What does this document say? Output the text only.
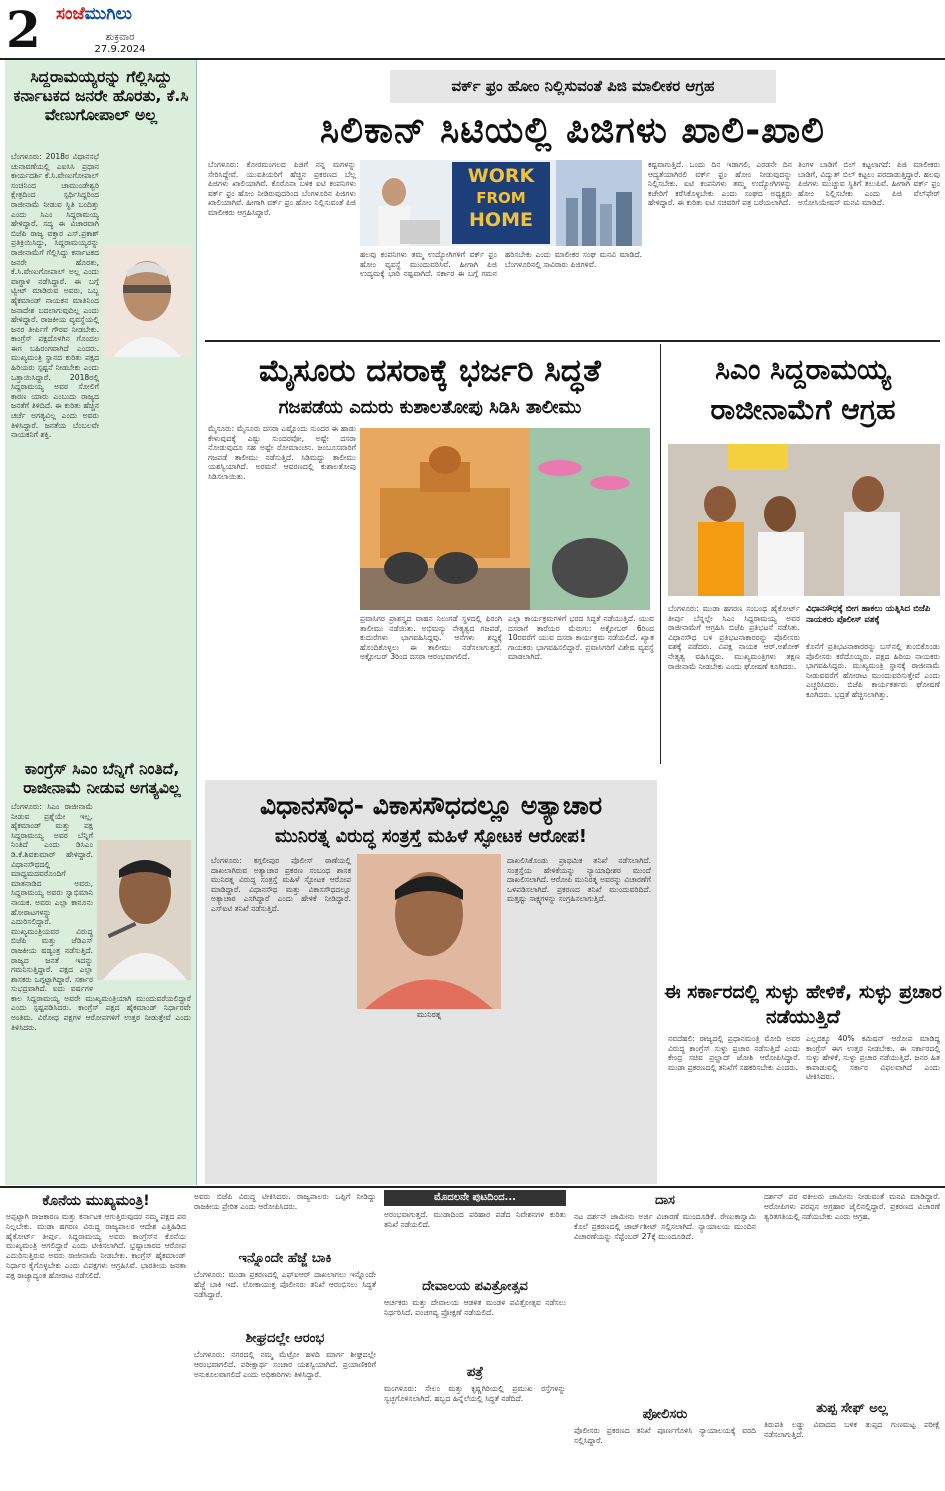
2 ಸಂಜೆಮುಗಿಲು
ಶುಕ್ರವಾರ
27.9.2024
ಸಿದ್ದರಾಮಯ್ಯರನ್ನು ಗೆಲ್ಲಿಸಿದ್ದು ಕರ್ನಾಟಕದ ಜನರೇ ಹೊರತು, ಕೆ.ಸಿ ವೇಣುಗೋಪಾಲ್ ಅಲ್ಲ
ಬೆಂಗಳೂರು: 2018ರ ವಿಧಾನಸಭೆ ಚುನಾವಣೆಯಲ್ಲಿ ಎಐಸಿಸಿ ಪ್ರಧಾನ ಕಾರ್ಯದರ್ಶಿ ಕೆ.ಸಿ.ವೇಣುಗೋಪಾಲ್ ಸಂಚಿನಿಂದ ಚಾಮುಂಡೇಶ್ವರಿ ಕ್ಷೇತ್ರದಿಂದ ಸ್ಪರ್ಧಿಸಿದ್ದರಿಂದ ರಾಜೀನಾಮೆ ನೀಡುವ ಸ್ಥಿತಿ ಬಂದಿತ್ತು ಎಂದು ಸಿಎಂ ಸಿದ್ದರಾಮಯ್ಯ ಹೇಳಿದ್ದಾರೆ. ಸದ್ಯ ಈ ವಿಚಾರವಾಗಿ ಬಿಜೆಪಿ ರಾಜ್ಯ ವಕ್ತಾರ ಎಸ್.ಪ್ರಕಾಶ್ ಪ್ರತಿಕ್ರಿಯಿಸಿದ್ದು, ಸಿದ್ದರಾಮಯ್ಯರನ್ನು ರಾಜೀನಾಮೆಗೆ ಗೆಲ್ಲಿಸಿದ್ದು ಕರ್ನಾಟಕದ ಜನರೇ ಹೊರತು, ಕೆ.ಸಿ.ವೇಣುಗೋಪಾಲ್ ಅಲ್ಲ ಎಂದು ವಾಗ್ದಾಳಿ ನಡೆಸಿದ್ದಾರೆ. ಈ ಬಗ್ಗೆ ಟ್ವೀಟ್ ಮಾಡಿರುವ ಅವರು, ಒಬ್ಬ ಹೈಕಮಾಂಡ್ ನಾಯಕನ ಮಾತಿನಿಂದ ಜನಾದೇಶ ಬದಲಾಗುವುದಿಲ್ಲ ಎಂದು ಹೇಳಿದ್ದಾರೆ. ರಾಜಕೀಯ ವ್ಯವಸ್ಥೆಯಲ್ಲಿ ಜನರ ತೀರ್ಪಿಗೆ ಗೌರವ ನೀಡಬೇಕು. ಕಾಂಗ್ರೆಸ್ ಪಕ್ಷದೊಳಗಿನ ಗೊಂದಲ ಈಗ ಬಹಿರಂಗವಾಗಿದೆ ಎಂದರು. ಮುಖ್ಯಮಂತ್ರಿ ಸ್ಥಾನದ ಕುರಿತು ಪಕ್ಷದ ಹಿರಿಯರು ಸ್ಪಷ್ಟನೆ ನೀಡಬೇಕು ಎಂದು ಒತ್ತಾಯಿಸಿದ್ದಾರೆ. 2018ರಲ್ಲಿ ಸಿದ್ದರಾಮಯ್ಯ ಅವರ ಸೋಲಿಗೆ ಕಾರಣ ಯಾರು ಎಂಬುದು ರಾಜ್ಯದ ಜನತೆಗೆ ತಿಳಿದಿದೆ. ಈ ಕುರಿತು ಹೆಚ್ಚಿನ ಚರ್ಚೆ ಅಗತ್ಯವಿಲ್ಲ ಎಂದು ಅವರು ತಿಳಿಸಿದ್ದಾರೆ. ಜನತೆಯ ಬೆಂಬಲವೇ ನಾಯಕನಿಗೆ ಶಕ್ತಿ.
ಕಾಂಗ್ರೆಸ್ ಸಿಎಂ ಬೆನ್ನಿಗೆ ನಿಂತಿದೆ, ರಾಜೀನಾಮೆ ನೀಡುವ ಅಗತ್ಯವಿಲ್ಲ
ಬೆಂಗಳೂರು: ಸಿಎಂ ರಾಜೀನಾಮೆ ನೀಡುವ ಪ್ರಶ್ನೆಯೇ ಇಲ್ಲ. ಹೈಕಮಾಂಡ್ ಮತ್ತು ಪಕ್ಷ ಸಿದ್ದರಾಮಯ್ಯ ಅವರ ಬೆನ್ನಿಗೆ ನಿಂತಿದೆ ಎಂದು ಡಿಸಿಎಂ ಡಿ.ಕೆ.ಶಿವಕುಮಾರ್ ಹೇಳಿದ್ದಾರೆ. ವಿಧಾನಸೌಧದಲ್ಲಿ ಮಾಧ್ಯಮದವರೊಂದಿಗೆ ಮಾತನಾಡಿದ ಅವರು, ಸಿದ್ದರಾಮಯ್ಯ ಅವರು ಸ್ವಾಭಿಮಾನಿ ನಾಯಕ. ಅವರು ಎಲ್ಲಾ ಕಾನೂನು ಹೋರಾಟಗಳನ್ನು ಎದುರಿಸಲಿದ್ದಾರೆ. ಮುಖ್ಯಮಂತ್ರಿಯವರ ವಿರುದ್ಧ ಬಿಜೆಪಿ ಮತ್ತು ಜೆಡಿಎಸ್ ರಾಜಕೀಯ ಷಡ್ಯಂತ್ರ ನಡೆಸುತ್ತಿದೆ. ರಾಜ್ಯದ ಜನತೆ ಇದನ್ನು ಗಮನಿಸುತ್ತಿದ್ದಾರೆ. ಪಕ್ಷದ ಎಲ್ಲಾ ಶಾಸಕರು ಒಗ್ಗಟ್ಟಾಗಿದ್ದಾರೆ. ಸರ್ಕಾರ ಸುಭದ್ರವಾಗಿದೆ. ಐದು ವರ್ಷಗಳ ಕಾಲ ಸಿದ್ದರಾಮಯ್ಯ ಅವರೇ ಮುಖ್ಯಮಂತ್ರಿಯಾಗಿ ಮುಂದುವರೆಯಲಿದ್ದಾರೆ ಎಂದು ಸ್ಪಷ್ಟಪಡಿಸಿದರು. ಕಾಂಗ್ರೆಸ್ ಪಕ್ಷದ ಹೈಕಮಾಂಡ್ ನಿರ್ಧಾರವೇ ಅಂತಿಮ. ವಿರೋಧ ಪಕ್ಷಗಳ ಆರೋಪಗಳಿಗೆ ಉತ್ತರ ನೀಡುತ್ತೇವೆ ಎಂದು ತಿಳಿಸಿದರು.
ವರ್ಕ್ ಫ್ರಂ ಹೋಂ ನಿಲ್ಲಿಸುವಂತೆ ಪಿಜಿ ಮಾಲೀಕರ ಆಗ್ರಹ
ಸಿಲಿಕಾನ್ ಸಿಟಿಯಲ್ಲಿ ಪಿಜಿಗಳು ಖಾಲಿ-ಖಾಲಿ
ಬೆಂಗಳೂರು: ಕೋರಮಂಗಲದ ಪಿಜಿಗೆ ನನ್ನ ಮಗಳನ್ನು ಸೇರಿಸಿದ್ದೇವೆ. ಯುವತಿಯರಿಗೆ ಹೆಚ್ಚಿನ ಪ್ರಕರಣದ ಬೆಲ್ಲ ಪಿಜಿಗಳು ಖಾಲಿಯಾಗಿವೆ. ಕೊರೊನಾ ಬಳಿಕ ಐಟಿ ಕಂಪನಿಗಳು ವರ್ಕ್ ಫ್ರಂ ಹೋಂ ನೀಡಿರುವುದರಿಂದ ಬೆಂಗಳೂರಿನ ಪಿಜಿಗಳು ಖಾಲಿಯಾಗಿವೆ. ಹೀಗಾಗಿ ವರ್ಕ್ ಫ್ರಂ ಹೋಂ ನಿಲ್ಲಿಸುವಂತೆ ಪಿಜಿ ಮಾಲೀಕರು ಆಗ್ರಹಿಸಿದ್ದಾರೆ.
WORK
FROM
HOME
ಹಲವು ಕಂಪನಿಗಳು ತಮ್ಮ ಉದ್ಯೋಗಿಗಳಿಗೆ ವರ್ಕ್ ಫ್ರಂ ಹೋಂ ವ್ಯವಸ್ಥೆ ಮುಂದುವರಿಸಿವೆ. ಹೀಗಾಗಿ ಪಿಜಿ ಉದ್ಯಮಕ್ಕೆ ಭಾರಿ ನಷ್ಟವಾಗಿದೆ. ಸರ್ಕಾರ ಈ ಬಗ್ಗೆ ಗಮನ ಹರಿಸಬೇಕು ಎಂದು ಮಾಲೀಕರ ಸಂಘ ಮನವಿ ಮಾಡಿದೆ. ಬೆಂಗಳೂರಿನಲ್ಲಿ ಸಾವಿರಾರು ಪಿಜಿಗಳಿವೆ.
ಕಷ್ಟವಾಗುತ್ತಿದೆ. ಒಂದು ದಿನ ಇಡಾಗಲಿ, ಎರಡನೇ ದಿನ ಆದ್ಯತೆಯಾಗಿರಲಿ ವರ್ಕ್ ಫ್ರಂ ಹೋಂ ನೀಡುವುದನ್ನು ನಿಲ್ಲಿಸಬೇಕು. ಐಟಿ ಕಂಪನಿಗಳು ತಮ್ಮ ಉದ್ಯೋಗಿಗಳನ್ನು ಕಚೇರಿಗೆ ಕರೆಸಿಕೊಳ್ಳಬೇಕು ಎಂದು ಸಂಘದ ಅಧ್ಯಕ್ಷರು ಹೇಳಿದ್ದಾರೆ. ಈ ಕುರಿತು ಐಟಿ ಸಚಿವರಿಗೆ ಪತ್ರ ಬರೆಯಲಾಗಿದೆ.
ತಿಂಗಳ ಬಾಡಿಗೆ ಬಿಲ್ ಕಟ್ಟಲಾಗದೆ: ಪಿಜಿ ಮಾಲೀಕರು ಬಾಡಿಗೆ, ವಿದ್ಯುತ್ ಬಿಲ್ ಕಟ್ಟಲು ಪರದಾಡುತ್ತಿದ್ದಾರೆ. ಹಲವು ಪಿಜಿಗಳು ಮುಚ್ಚುವ ಸ್ಥಿತಿಗೆ ತಲುಪಿವೆ. ಹೀಗಾಗಿ ವರ್ಕ್ ಫ್ರಂ ಹೋಂ ನಿಲ್ಲಿಸಬೇಕು ಎಂದು ಪಿಜಿ ವೆಲ್‌ಫೇರ್ ಅಸೋಸಿಯೇಷನ್ ಮನವಿ ಮಾಡಿದೆ.
ಮೈಸೂರು ದಸರಾಕ್ಕೆ ಭರ್ಜರಿ ಸಿದ್ಧತೆ
ಗಜಪಡೆಯ ಎದುರು ಕುಶಾಲತೋಪು ಸಿಡಿಸಿ ತಾಲೀಮು
ಮೈಸೂರು: ಮೈಸೂರು ದಸರಾ ಎಷ್ಟೊಂದು ಸುಂದರ ಈ ಹಾಡು ಕೇಳುವುದಕ್ಕೆ ಎಷ್ಟು ಸುಂದರವೋ, ಅಷ್ಟೇ ದಸರಾ ನೋಡುವುದೂ ಸಹ ಅಷ್ಟೇ ರೋಮಾಂಚನ. ಜಂಬೂಸವಾರಿಗೆ ಗಜಪಡೆ ತಾಲೀಮು ನಡೆಸುತ್ತಿದೆ. ಸಿಡಿಮದ್ದು ತಾಲೀಮು ಯಶಸ್ವಿಯಾಗಿದೆ. ಅರಮನೆ ಆವರಣದಲ್ಲಿ ಕುಶಾಲತೋಪು ಸಿಡಿಸಲಾಯಿತು.
ಪ್ರವಾಸಿಗರ ಪ್ರಾಶಸ್ತ್ಯದ ವಾಹನ ನಿಲುಗಡೆ ಸ್ಥಳದಲ್ಲಿ ಫಿರಂಗಿ ತಾಲೀಮು ನಡೆಯಿತು. ಅಭಿಮನ್ಯು ನೇತೃತ್ವದ ಗಜಪಡೆ, ಕುದುರೆಗಳು ಭಾಗವಹಿಸಿದ್ದವು. ಆನೆಗಳು ಶಬ್ದಕ್ಕೆ ಹೊಂದಿಕೊಳ್ಳಲು ಈ ತಾಲೀಮು ನಡೆಸಲಾಗುತ್ತದೆ. ಅಕ್ಟೋಬರ್ 3ರಿಂದ ದಸರಾ ಆರಂಭವಾಗಲಿದೆ.
ಎಲ್ಲಾ ಕಾರ್ಯಕ್ರಮಗಳಿಗೆ ಭರದ ಸಿದ್ಧತೆ ನಡೆಯುತ್ತಿದೆ. ಯುವ ದಸರಾಗೆ ತಾರೆಯರ ಮೆರುಗು: ಅಕ್ಟೋಬರ್ 6ರಿಂದ 10ರವರೆಗೆ ಯುವ ದಸರಾ ಕಾರ್ಯಕ್ರಮ ನಡೆಯಲಿದೆ. ಖ್ಯಾತ ಗಾಯಕರು ಭಾಗವಹಿಸಲಿದ್ದಾರೆ. ಪ್ರವಾಸಿಗರಿಗೆ ವಿಶೇಷ ವ್ಯವಸ್ಥೆ ಮಾಡಲಾಗಿದೆ.
ಸಿಎಂ ಸಿದ್ದರಾಮಯ್ಯ ರಾಜೀನಾಮೆಗೆ ಆಗ್ರಹ
ಬೆಂಗಳೂರು: ಮುಡಾ ಹಗರಣ ಸಂಬಂಧ ಹೈಕೋರ್ಟ್ ತೀರ್ಪು ಬೆನ್ನಲ್ಲೇ ಸಿಎಂ ಸಿದ್ದರಾಮಯ್ಯ ಅವರ ರಾಜೀನಾಮೆಗೆ ಆಗ್ರಹಿಸಿ ಬಿಜೆಪಿ ಪ್ರತಿಭಟನೆ ನಡೆಸಿತು. ವಿಧಾನಸೌಧ ಬಳಿ ಪ್ರತಿಭಟನಾಕಾರರನ್ನು ಪೊಲೀಸರು ವಶಕ್ಕೆ ಪಡೆದರು. ವಿಪಕ್ಷ ನಾಯಕ ಆರ್.ಅಶೋಕ್ ನೇತೃತ್ವ ವಹಿಸಿದ್ದರು. ಮುಖ್ಯಮಂತ್ರಿಗಳು ತಕ್ಷಣ ರಾಜೀನಾಮೆ ನೀಡಬೇಕು ಎಂದು ಘೋಷಣೆ ಕೂಗಿದರು.
ವಿಧಾನಸೌಧಕ್ಕೆ ಬೀಗ ಹಾಕಲು ಯತ್ನಿಸಿದ ಬಿಜೆಪಿ ನಾಯಕರು ಪೊಲೀಸ್ ವಶಕ್ಕೆ
ಕೊನೆಗೆ ಪ್ರತಿಭಟನಾಕಾರರನ್ನು ಬಸ್‌ನಲ್ಲಿ ತುಂಬಿಕೊಂಡು ಪೊಲೀಸರು ಕರೆದೊಯ್ದರು. ಪಕ್ಷದ ಹಿರಿಯ ನಾಯಕರು ಭಾಗವಹಿಸಿದ್ದರು. ಮುಖ್ಯಮಂತ್ರಿ ಸ್ಥಾನಕ್ಕೆ ರಾಜೀನಾಮೆ ನೀಡುವವರೆಗೆ ಹೋರಾಟ ಮುಂದುವರಿಸುತ್ತೇವೆ ಎಂದು ಎಚ್ಚರಿಸಿದರು. ಬಿಜೆಪಿ ಕಾರ್ಯಕರ್ತರು ಘೋಷಣೆ ಕೂಗಿದರು. ಭದ್ರತೆ ಹೆಚ್ಚಿಸಲಾಗಿತ್ತು.
ವಿಧಾನಸೌಧ- ವಿಕಾಸಸೌಧದಲ್ಲೂ ಅತ್ಯಾಚಾರ
ಮುನಿರತ್ನ ವಿರುದ್ಧ ಸಂತ್ರಸ್ತೆ ಮಹಿಳೆ ಸ್ಫೋಟಕ ಆರೋಪ!
ಬೆಂಗಳೂರು: ಕಗ್ಗಲೀಪುರ ಪೊಲೀಸ್ ಠಾಣೆಯಲ್ಲಿ ದಾಖಲಾಗಿರುವ ಅತ್ಯಾಚಾರ ಪ್ರಕರಣ ಸಂಬಂಧ ಶಾಸಕ ಮುನಿರತ್ನ ವಿರುದ್ಧ ಸಂತ್ರಸ್ತೆ ಮಹಿಳೆ ಸ್ಫೋಟಕ ಆರೋಪ ಮಾಡಿದ್ದಾರೆ. ವಿಧಾನಸೌಧ ಮತ್ತು ವಿಕಾಸಸೌಧದಲ್ಲೂ ಅತ್ಯಾಚಾರ ಎಸಗಿದ್ದಾರೆ ಎಂದು ಹೇಳಿಕೆ ನೀಡಿದ್ದಾರೆ. ಎಸ್‌ಐಟಿ ತನಿಖೆ ನಡೆಸುತ್ತಿದೆ.
ಮುನಿರತ್ನ
ದಾಖಲಿಸಿಕೊಂಡು ಪ್ರಾಥಮಿಕ ತನಿಖೆ ನಡೆಸಲಾಗಿದೆ. ಸಂತ್ರಸ್ತೆಯ ಹೇಳಿಕೆಯನ್ನು ನ್ಯಾಯಾಧೀಶರ ಮುಂದೆ ದಾಖಲಿಸಲಾಗಿದೆ. ಆರೋಪಿ ಮುನಿರತ್ನ ಅವರನ್ನು ವಿಚಾರಣೆಗೆ ಒಳಪಡಿಸಲಾಗಿದೆ. ಪ್ರಕರಣದ ತನಿಖೆ ಮುಂದುವರಿದಿದೆ. ಮತ್ತಷ್ಟು ಸಾಕ್ಷ್ಯಗಳನ್ನು ಸಂಗ್ರಹಿಸಲಾಗುತ್ತಿದೆ.
ಈ ಸರ್ಕಾರದಲ್ಲಿ ಸುಳ್ಳು ಹೇಳಿಕೆ, ಸುಳ್ಳು ಪ್ರಚಾರ ನಡೆಯುತ್ತಿದೆ
ನವದೆಹಲಿ: ರಾಜ್ಯದಲ್ಲಿ ಪ್ರಧಾನಮಂತ್ರಿ ಮೋದಿ ಅವರ ವಿರುದ್ಧ ಕಾಂಗ್ರೆಸ್ ಸುಳ್ಳು ಪ್ರಚಾರ ನಡೆಸುತ್ತಿದೆ ಎಂದು ಕೇಂದ್ರ ಸಚಿವ ಪ್ರಲ್ಹಾದ್ ಜೋಶಿ ಆರೋಪಿಸಿದ್ದಾರೆ. ಮುಡಾ ಪ್ರಕರಣದಲ್ಲಿ ತನಿಖೆಗೆ ಸಹಕರಿಸಬೇಕು ಎಂದರು.
ಎಲ್ಲದಕ್ಕೂ 40% ಕಮಿಷನ್ ಆರೋಪ ಮಾಡಿದ್ದ ಕಾಂಗ್ರೆಸ್ ಈಗ ಉತ್ತರ ನೀಡಬೇಕು. ಈ ಸರ್ಕಾರದಲ್ಲಿ ಸುಳ್ಳು ಹೇಳಿಕೆ, ಸುಳ್ಳು ಪ್ರಚಾರ ನಡೆಯುತ್ತಿದೆ. ಜನರ ಹಿತ ಕಾಪಾಡುವಲ್ಲಿ ಸರ್ಕಾರ ವಿಫಲವಾಗಿದೆ ಎಂದು ಟೀಕಿಸಿದರು.
ಕೊನೆಯ ಮುಖ್ಯಮಂತ್ರಿ!
ಅಪ್ಪಟ್ಟಾಗಿ ರಾಜಕಾರಣ ಮತ್ತು ಕರ್ನಾಟಕ ಆಗುತ್ತಿರುವುದರ ನಮ್ಮ ಪಕ್ಷದ ಪರ ನಿಲ್ಲಬೇಕು. ಮುಡಾ ಹಗರಣ ವಿರುದ್ಧ ರಾಜ್ಯಪಾಲರ ಆದೇಶ ಎತ್ತಿಹಿಡಿದ ಹೈಕೋರ್ಟ್ ತೀರ್ಪು. ಸಿದ್ದರಾಮಯ್ಯ ಅವರು ಕಾಂಗ್ರೆಸ್‌ನ ಕೊನೆಯ ಮುಖ್ಯಮಂತ್ರಿ ಆಗಲಿದ್ದಾರೆ ಎಂದು ಟೀಕಿಸಲಾಗಿದೆ. ಭ್ರಷ್ಟಾಚಾರದ ಆರೋಪ ಎದುರಿಸುತ್ತಿರುವ ಅವರು ರಾಜೀನಾಮೆ ನೀಡಬೇಕು. ಕಾಂಗ್ರೆಸ್ ಹೈಕಮಾಂಡ್ ನಿರ್ಧಾರ ಕೈಗೊಳ್ಳಬೇಕು ಎಂದು ವಿಪಕ್ಷಗಳು ಆಗ್ರಹಿಸಿವೆ. ಭಾರತೀಯ ಜನತಾ ಪಕ್ಷ ರಾಜ್ಯಾದ್ಯಂತ ಹೋರಾಟ ನಡೆಸಲಿದೆ.
ಅವರು ಬಿಜೆಪಿ ವಿರುದ್ಧ ಟೀಕಿಸಿದರು. ರಾಜ್ಯಪಾಲರು ಒಪ್ಪಿಗೆ ನೀಡಿದ್ದು ರಾಜಕೀಯ ಪ್ರೇರಿತ ಎಂದು ಆರೋಪಿಸಿದರು.
ಇನ್ನೊಂದೇ ಹೆಜ್ಜೆ ಬಾಕಿ
ಬೆಂಗಳೂರು: ಮುಡಾ ಪ್ರಕರಣದಲ್ಲಿ ಎಫ್‌ಐಆರ್ ದಾಖಲಾಗಲು ಇನ್ನೊಂದೇ ಹೆಜ್ಜೆ ಬಾಕಿ ಇದೆ. ಲೋಕಾಯುಕ್ತ ಪೊಲೀಸರು ತನಿಖೆ ಆರಂಭಿಸಲು ಸಿದ್ಧತೆ ನಡೆಸಿದ್ದಾರೆ.
ಶೀಘ್ರದಲ್ಲೇ ಆರಂಭ
ಬೆಂಗಳೂರು: ನಗರದಲ್ಲಿ ನಮ್ಮ ಮೆಟ್ರೋ ಹಳದಿ ಮಾರ್ಗ ಶೀಘ್ರದಲ್ಲೇ ಆರಂಭವಾಗಲಿದೆ. ಪರೀಕ್ಷಾರ್ಥ ಸಂಚಾರ ಯಶಸ್ವಿಯಾಗಿದೆ. ಪ್ರಯಾಣಿಕರಿಗೆ ಅನುಕೂಲವಾಗಲಿದೆ ಎಂದು ಅಧಿಕಾರಿಗಳು ತಿಳಿಸಿದ್ದಾರೆ.
ಮೊದಲನೇ ಪುಟದಿಂದ...
ಅರಂಭವಾಗುತ್ತದೆ. ಮುಡಾದಿಂದ ಪರಿಹಾರ ಪಡೆದ ನಿವೇಶನಗಳ ಕುರಿತು ತನಿಖೆ ನಡೆಯಲಿದೆ.
ದೇವಾಲಯ ಪವಿತ್ರೋತ್ಸವ
ಆರ್ಚಕರು ಮತ್ತು ದೇವಾಲಯ ಆಡಳಿತ ಮಂಡಳಿ ಪವಿತ್ರೋತ್ಸವ ನಡೆಸಲು ನಿರ್ಧರಿಸಿದೆ. ಪಂಚಗವ್ಯ ಪ್ರೋಕ್ಷಣೆ ನಡೆಯಲಿದೆ.
ಪತ್ರೆ
ಮಂಗಳೂರು: ಸೇಲಂ ಮತ್ತು ಕೃಷ್ಣಗಿರಿಯಲ್ಲಿ ಪ್ರಮುಖ ರಸ್ತೆಗಳನ್ನು ಸ್ವಚ್ಛಗೊಳಿಸಲಾಗಿದೆ. ಹಬ್ಬದ ಹಿನ್ನೆಲೆಯಲ್ಲಿ ಸಿದ್ಧತೆ ನಡೆದಿದೆ.
ದಾಸ
ನಟ ದರ್ಶನ್ ಜಾಮೀನು ಅರ್ಜಿ ವಿಚಾರಣೆ ಮುಂದೂಡಿಕೆ. ರೇಣುಕಾಸ್ವಾಮಿ ಕೊಲೆ ಪ್ರಕರಣದಲ್ಲಿ ಚಾರ್ಜ್‌ಶೀಟ್ ಸಲ್ಲಿಸಲಾಗಿದೆ. ನ್ಯಾಯಾಲಯ ಮುಂದಿನ ವಿಚಾರಣೆಯನ್ನು ಸೆಪ್ಟೆಂಬರ್ 27ಕ್ಕೆ ಮುಂದೂಡಿದೆ.
ಪೋಲಿಸರು
ಪೊಲೀಸರು ಪ್ರಕರಣದ ತನಿಖೆ ಪೂರ್ಣಗೊಳಿಸಿ ನ್ಯಾಯಾಲಯಕ್ಕೆ ವರದಿ ಸಲ್ಲಿಸಿದ್ದಾರೆ.
ದರ್ಶನ್ ಪರ ವಕೀಲರು ಜಾಮೀನು ನೀಡುವಂತೆ ಮನವಿ ಮಾಡಿದ್ದಾರೆ. ಆರೋಪಿಗಳು ಪರಪ್ಪನ ಅಗ್ರಹಾರ ಜೈಲಿನಲ್ಲಿದ್ದಾರೆ. ಪ್ರಕರಣದ ವಿಚಾರಣೆ ತ್ವರಿತಗತಿಯಲ್ಲಿ ನಡೆಯಬೇಕು ಎಂದು ಆಗ್ರಹ.
ತುಪ್ಪ ಸೇಫ್ ಅಲ್ಲ
ತಿರುಪತಿ ಲಡ್ಡು ವಿವಾದದ ಬಳಿಕ ತುಪ್ಪದ ಗುಣಮಟ್ಟ ಪರೀಕ್ಷೆ ನಡೆಸಲಾಗುತ್ತಿದೆ.
